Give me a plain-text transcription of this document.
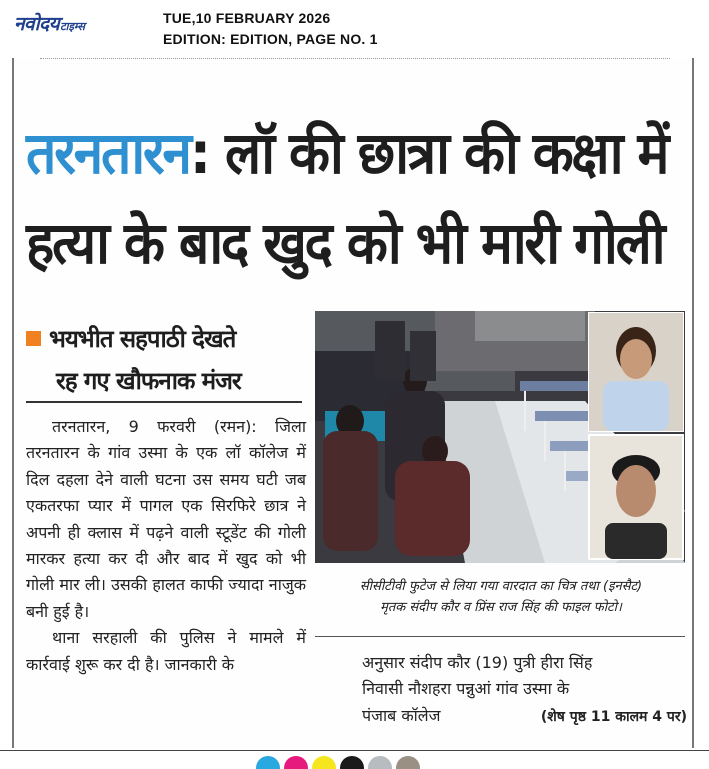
नवोदय टाइम्स
TUE,10 FEBRUARY 2026
EDITION: EDITION, PAGE NO. 1
तरनतारन: लॉ की छात्रा की कक्षा में
हत्या के बाद खुद को भी मारी गोली
भयभीत सहपाठी देखते
रह गए खौफनाक मंजर

तरनतारन, 9 फरवरी (रमन): जिला तरनतारन के गांव उस्मा के एक लॉ कॉलेज में दिल दहला देने वाली घटना उस समय घटी जब एकतरफा प्यार में पागल एक सिरफिरे छात्र ने अपनी ही क्लास में पढ़ने वाली स्टूडेंट की गोली मारकर हत्या कर दी और बाद में खुद को भी गोली मार ली। उसकी हालत काफी ज्यादा नाजुक बनी हुई है।

थाना सरहाली की पुलिस ने मामले में कार्रवाई शुरू कर दी है। जानकारी के

सीसीटीवी फुटेज से लिया गया वारदात का चित्र तथा (इनसैट)
मृतक संदीप कौर व प्रिंस राज सिंह की फाइल फोटो।
अनुसार संदीप कौर (19) पुत्री हीरा सिंह
निवासी नौशहरा पन्नुआं गांव उस्मा के
पंजाब कॉलेज	(शेष पृष्ठ 11 कालम 4 पर)
